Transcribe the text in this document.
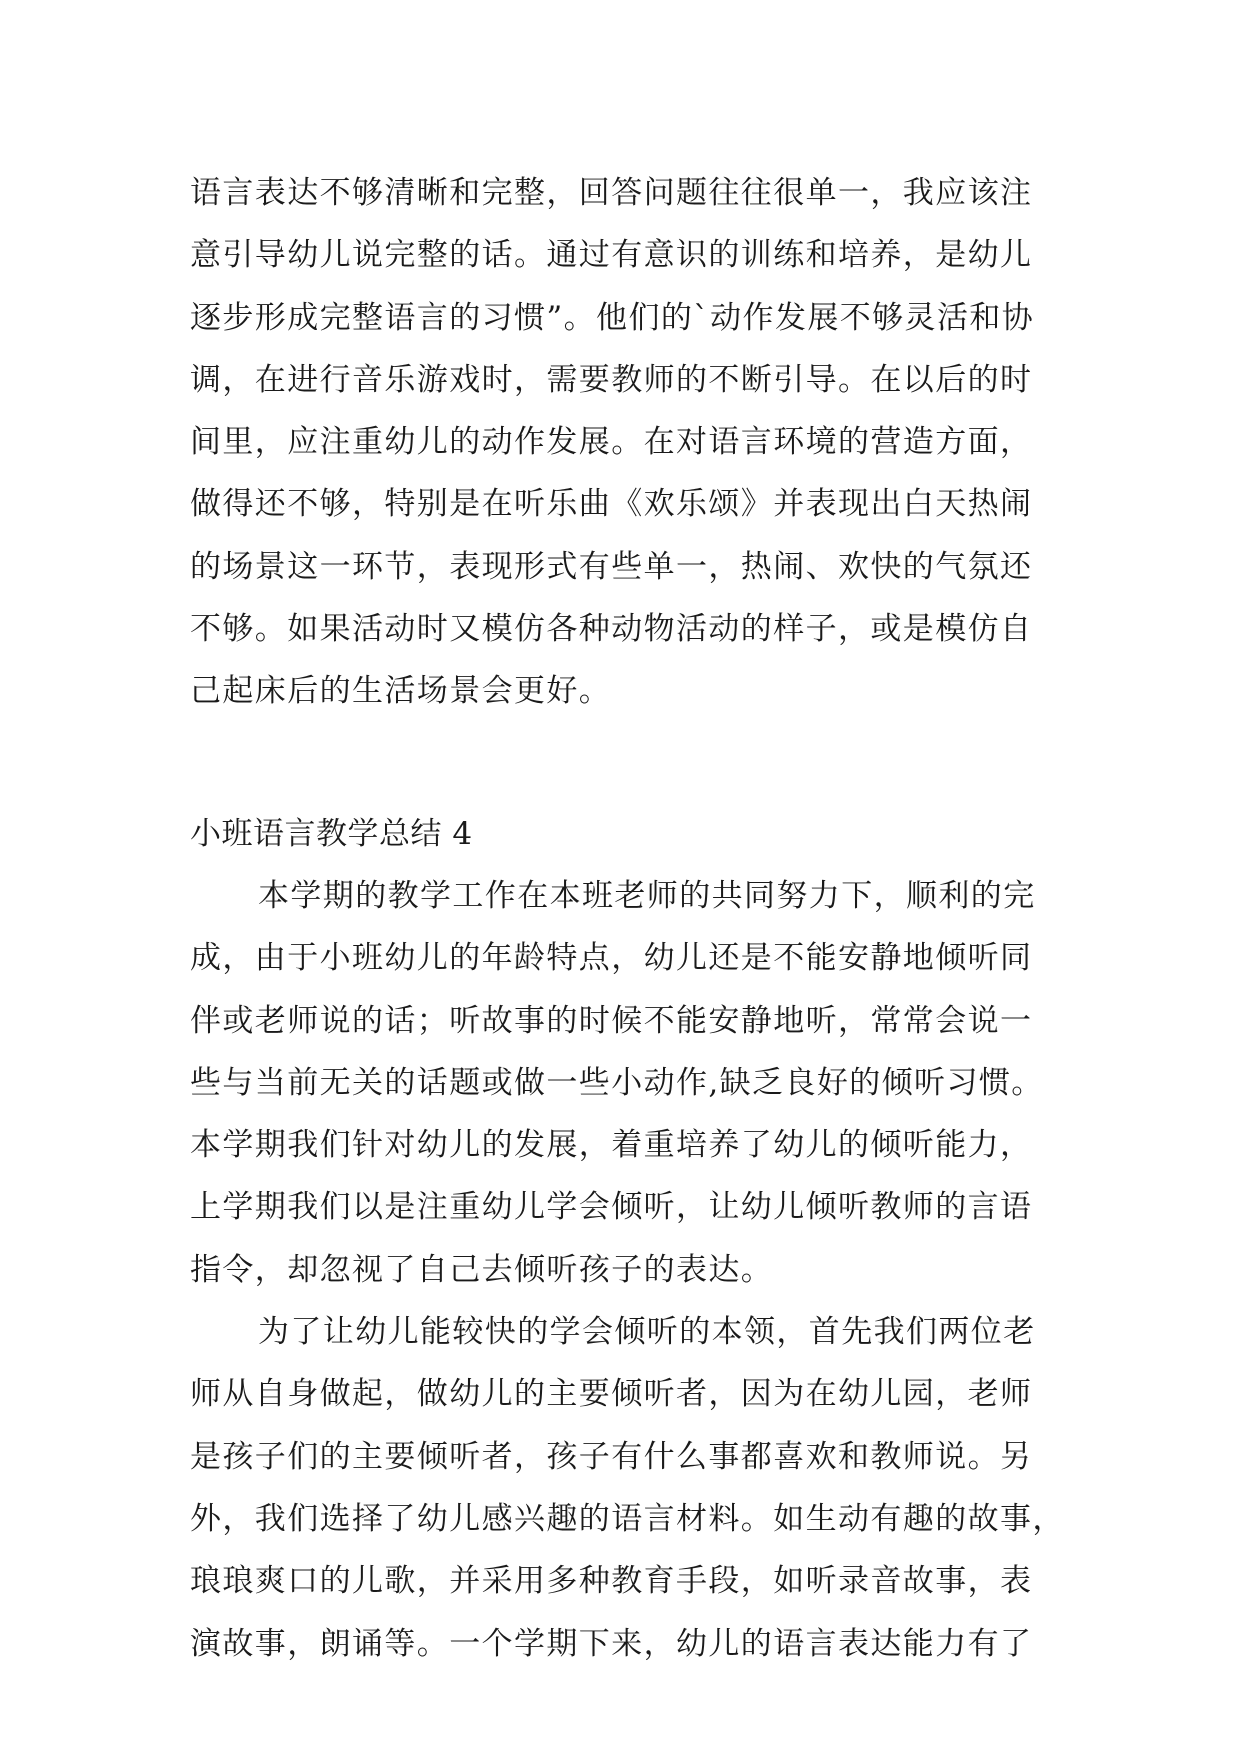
语言表达不够清晰和完整，回答问题往往很单一，我应该注
意引导幼儿说完整的话。通过有意识的训练和培养，是幼儿
逐步形成完整语言的习惯”。他们的`动作发展不够灵活和协
调，在进行音乐游戏时，需要教师的不断引导。在以后的时
间里，应注重幼儿的动作发展。在对语言环境的营造方面，
做得还不够，特别是在听乐曲《欢乐颂》并表现出白天热闹
的场景这一环节，表现形式有些单一，热闹、欢快的气氛还
不够。如果活动时又模仿各种动物活动的样子，或是模仿自
己起床后的生活场景会更好。
小班语言教学总结 4
本学期的教学工作在本班老师的共同努力下，顺利的完
成，由于小班幼儿的年龄特点，幼儿还是不能安静地倾听同
伴或老师说的话；听故事的时候不能安静地听，常常会说一
些与当前无关的话题或做一些小动作,缺乏良好的倾听习惯。
本学期我们针对幼儿的发展，着重培养了幼儿的倾听能力，
上学期我们以是注重幼儿学会倾听，让幼儿倾听教师的言语
指令，却忽视了自己去倾听孩子的表达。
为了让幼儿能较快的学会倾听的本领，首先我们两位老
师从自身做起，做幼儿的主要倾听者，因为在幼儿园，老师
是孩子们的主要倾听者，孩子有什么事都喜欢和教师说。另
外，我们选择了幼儿感兴趣的语言材料。如生动有趣的故事，
琅琅爽口的儿歌，并采用多种教育手段，如听录音故事，表
演故事，朗诵等。一个学期下来，幼儿的语言表达能力有了
